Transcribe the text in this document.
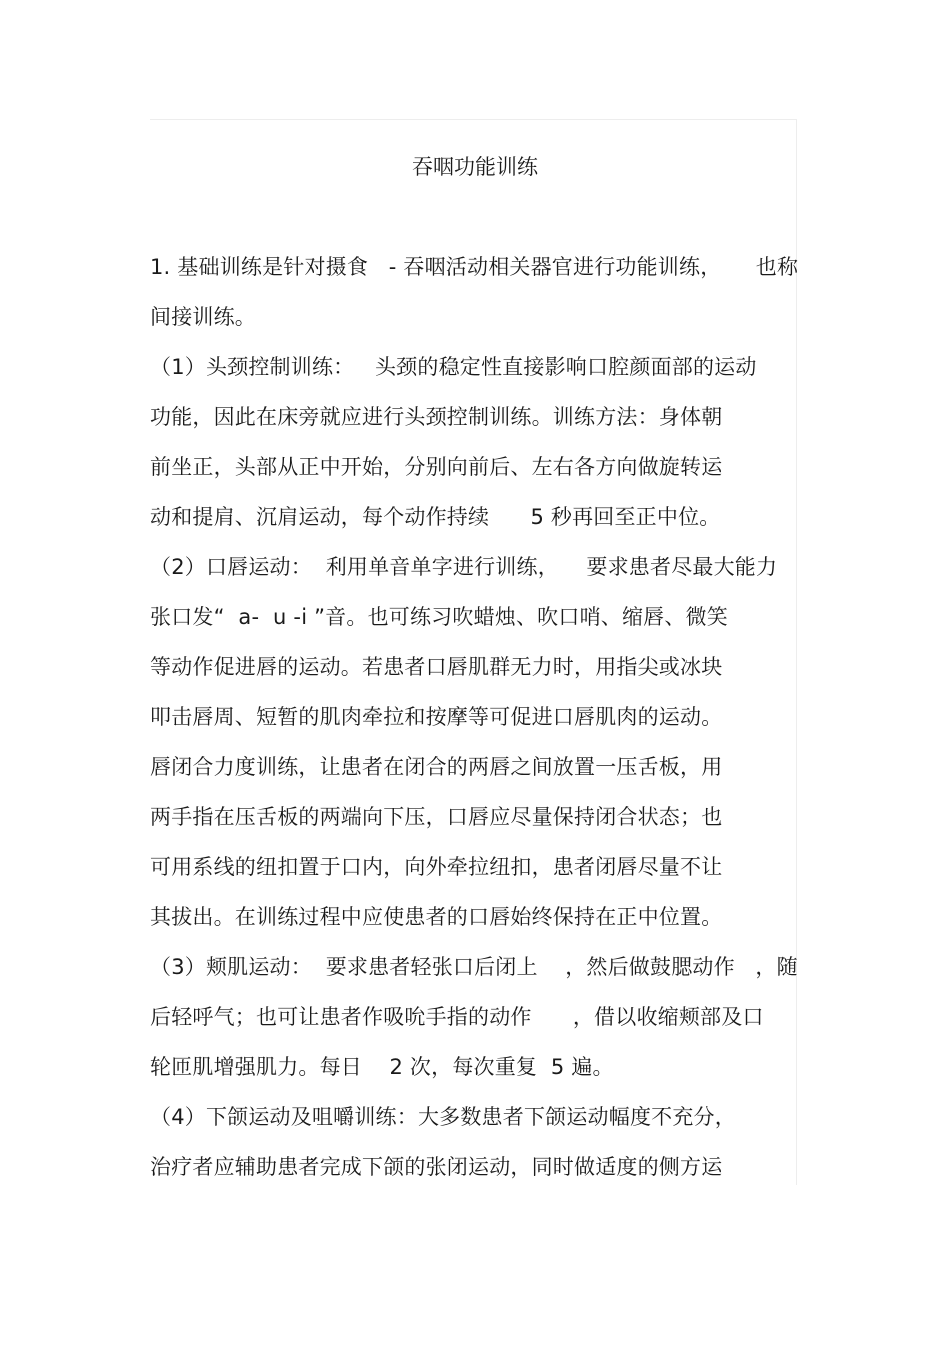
吞咽功能训练
1. 基础训练是针对摄食   - 吞咽活动相关器官进行功能训练，     也称
间接训练。
（1）头颈控制训练：   头颈的稳定性直接影响口腔颜面部的运动
功能，因此在床旁就应进行头颈控制训练。训练方法：身体朝
前坐正，头部从正中开始，分别向前后、左右各方向做旋转运
动和提肩、沉肩运动，每个动作持续      5 秒再回至正中位。
（2）口唇运动：  利用单音单字进行训练，    要求患者尽最大能力
张口发“  a-  u -i ”音。也可练习吹蜡烛、吹口哨、缩唇、微笑
等动作促进唇的运动。若患者口唇肌群无力时，用指尖或冰块
叩击唇周、短暂的肌肉牵拉和按摩等可促进口唇肌肉的运动。
唇闭合力度训练，让患者在闭合的两唇之间放置一压舌板，用
两手指在压舌板的两端向下压，口唇应尽量保持闭合状态；也
可用系线的纽扣置于口内，向外牵拉纽扣，患者闭唇尽量不让
其拔出。在训练过程中应使患者的口唇始终保持在正中位置。
（3）颊肌运动：  要求患者轻张口后闭上    ，然后做鼓腮动作   ，随
后轻呼气；也可让患者作吸吮手指的动作      ，借以收缩颊部及口
轮匝肌增强肌力。每日    2 次，每次重复  5 遍。
（4）下颌运动及咀嚼训练：大多数患者下颌运动幅度不充分，
治疗者应辅助患者完成下颌的张闭运动，同时做适度的侧方运
